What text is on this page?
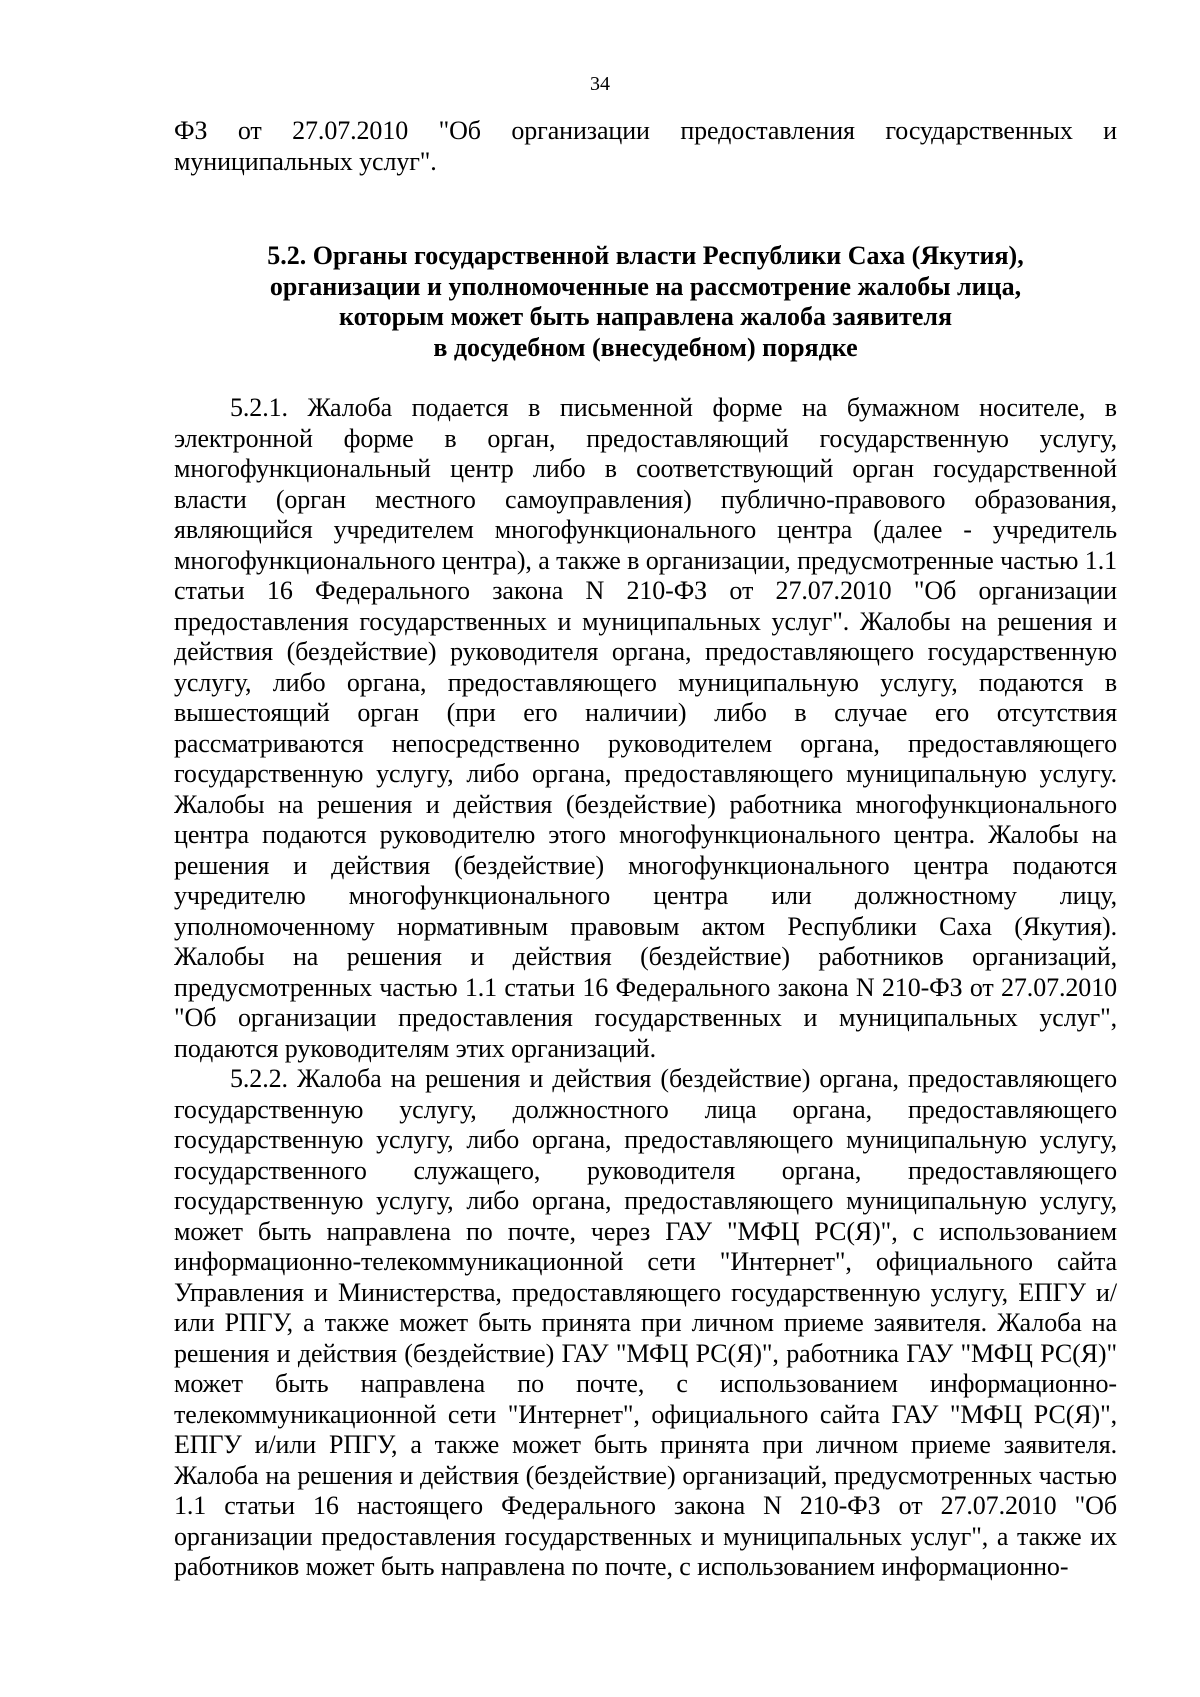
34
ФЗ от 27.07.2010 "Об организации предоставления государственных и муниципальных услуг".
5.2. Органы государственной власти Республики Саха (Якутия),
организации и уполномоченные на рассмотрение жалобы лица,
которым может быть направлена жалоба заявителя
в досудебном (внесудебном) порядке

5.2.1. Жалоба подается в письменной форме на бумажном носителе, в электронной форме в орган, предоставляющий государственную услугу, многофункциональный центр либо в соответствующий орган государственной власти (орган местного самоуправления) публично-правового образования, являющийся учредителем многофункционального центра (далее - учредитель многофункционального центра), а также в организации, предусмотренные частью 1.1 статьи 16 Федерального закона N 210-ФЗ от 27.07.2010 "Об организации предоставления государственных и муниципальных услуг". Жалобы на решения и действия (бездействие) руководителя органа, предоставляющего государственную услугу, либо органа, предоставляющего муниципальную услугу, подаются в вышестоящий орган (при его наличии) либо в случае его отсутствия рассматриваются непосредственно руководителем органа, предоставляющего государственную услугу, либо органа, предоставляющего муниципальную услугу. Жалобы на решения и действия (бездействие) работника многофункционального центра подаются руководителю этого многофункционального центра. Жалобы на решения и действия (бездействие) многофункционального центра подаются учредителю многофункционального центра или должностному лицу, уполномоченному нормативным правовым актом Республики Саха (Якутия). Жалобы на решения и действия (бездействие) работников организаций, предусмотренных частью 1.1 статьи 16 Федерального закона N 210-ФЗ от 27.07.2010 "Об организации предоставления государственных и муниципальных услуг", подаются руководителям этих организаций.

5.2.2. Жалоба на решения и действия (бездействие) органа, предоставляющего государственную услугу, должностного лица органа, предоставляющего государственную услугу, либо органа, предоставляющего муниципальную услугу, государственного служащего, руководителя органа, предоставляющего государственную услугу, либо органа, предоставляющего муниципальную услугу, может быть направлена по почте, через ГАУ "МФЦ РС(Я)", с использованием информационно-телекоммуникационной сети "Интернет", официального сайта Управления и Министерства, предоставляющего государственную услугу, ЕПГУ и/или РПГУ, а также может быть принята при личном приеме заявителя. Жалоба на решения и действия (бездействие) ГАУ "МФЦ РС(Я)", работника ГАУ "МФЦ РС(Я)" может быть направлена по почте, с использованием информационно-телекоммуникационной сети "Интернет", официального сайта ГАУ "МФЦ РС(Я)", ЕПГУ и/или РПГУ, а также может быть принята при личном приеме заявителя. Жалоба на решения и действия (бездействие) организаций, предусмотренных частью 1.1 статьи 16 настоящего Федерального закона N 210-ФЗ от 27.07.2010 "Об организации предоставления государственных и муниципальных услуг", а также их работников может быть направлена по почте, с использованием информационно-
